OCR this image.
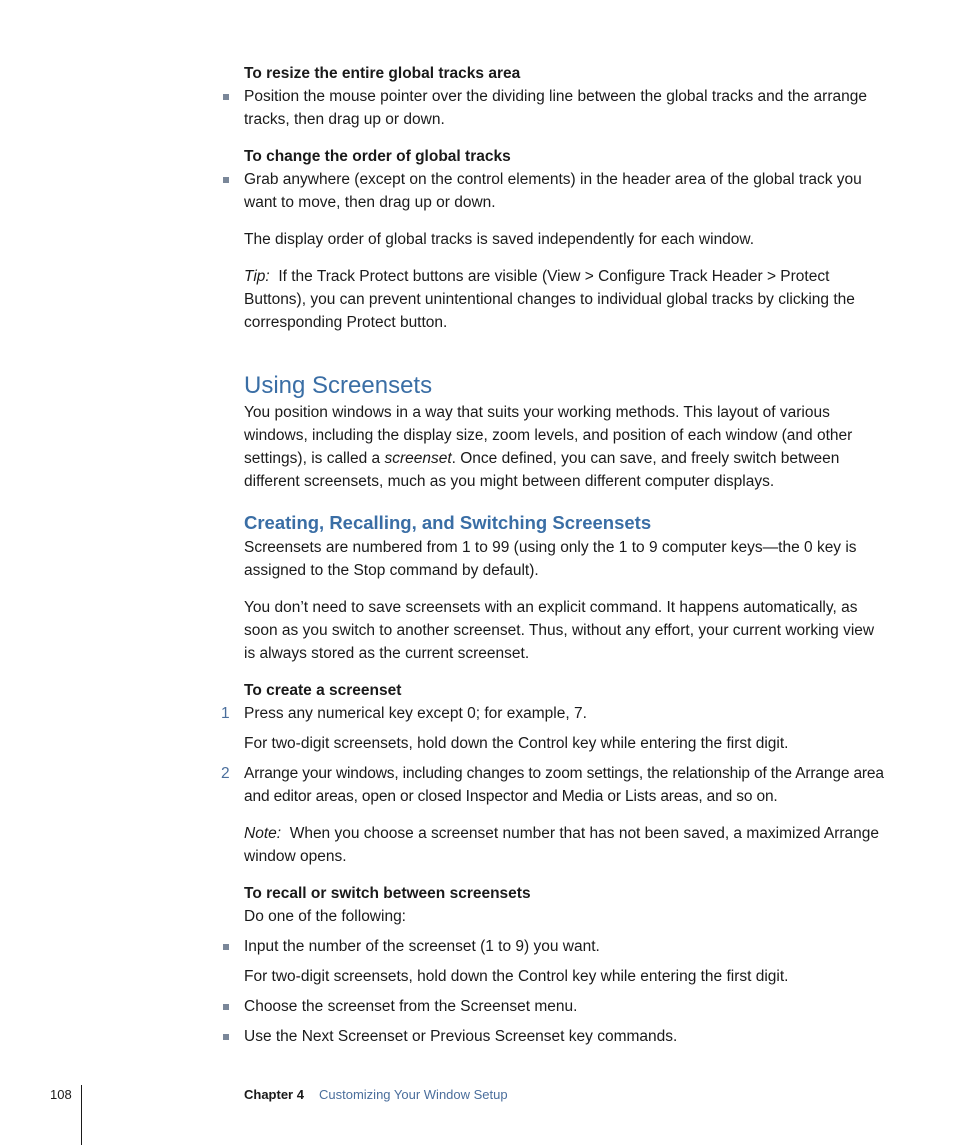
To resize the entire global tracks area

Position the mouse pointer over the dividing line between the global tracks and the arrange tracks, then drag up or down.

To change the order of global tracks

Grab anywhere (except on the control elements) in the header area of the global track you want to move, then drag up or down.

The display order of global tracks is saved independently for each window.

Tip: If the Track Protect buttons are visible (View > Configure Track Header > Protect Buttons), you can prevent unintentional changes to individual global tracks by clicking the corresponding Protect button.

Using Screensets

You position windows in a way that suits your working methods. This layout of various windows, including the display size, zoom levels, and position of each window (and other settings), is called a screenset. Once defined, you can save, and freely switch between different screensets, much as you might between different computer displays.

Creating, Recalling, and Switching Screensets

Screensets are numbered from 1 to 99 (using only the 1 to 9 computer keys—the 0 key is assigned to the Stop command by default).

You don’t need to save screensets with an explicit command. It happens automatically, as soon as you switch to another screenset. Thus, without any effort, your current working view is always stored as the current screenset.

To create a screenset
1 Press any numerical key except 0; for example, 7.

For two-digit screensets, hold down the Control key while entering the first digit.

2 Arrange your windows, including changes to zoom settings, the relationship of the Arrange area and editor areas, open or closed Inspector and Media or Lists areas, and so on.

Note: When you choose a screenset number that has not been saved, a maximized Arrange window opens.

To recall or switch between screensets

Do one of the following:

Input the number of the screenset (1 to 9) you want.

For two-digit screensets, hold down the Control key while entering the first digit.

Choose the screenset from the Screenset menu.

Use the Next Screenset or Previous Screenset key commands.

108	Chapter 4 Customizing Your Window Setup
